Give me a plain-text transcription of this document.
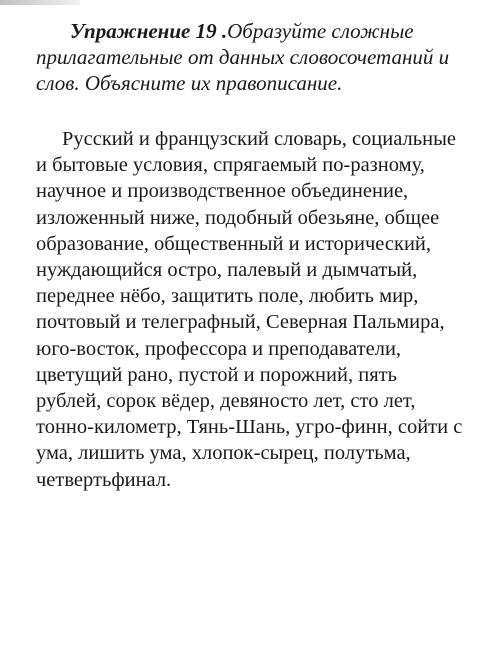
Упражнение 19 .Образуйте сложные прилагательные от данных словосочетаний и слов. Объясните их правописание.

Русский и французский словарь, социальные и бытовые условия, спрягаемый по-разному, научное и производственное объединение, изложенный ниже, подобный обезьяне, общее образование, общественный и исторический, нуждающийся остро, палевый и дымчатый, переднее нёбо, защитить поле, любить мир, почтовый и телеграфный, Северная Пальмира, юго-восток, профессора и преподаватели, цветущий рано, пустой и порожний, пять рублей, сорок вёдер, девяносто лет, сто лет, тонно-километр, Тянь-Шань, угро-финн, сойти с ума, лишить ума, хлопок-сырец, полутьма, четвертьфинал.
